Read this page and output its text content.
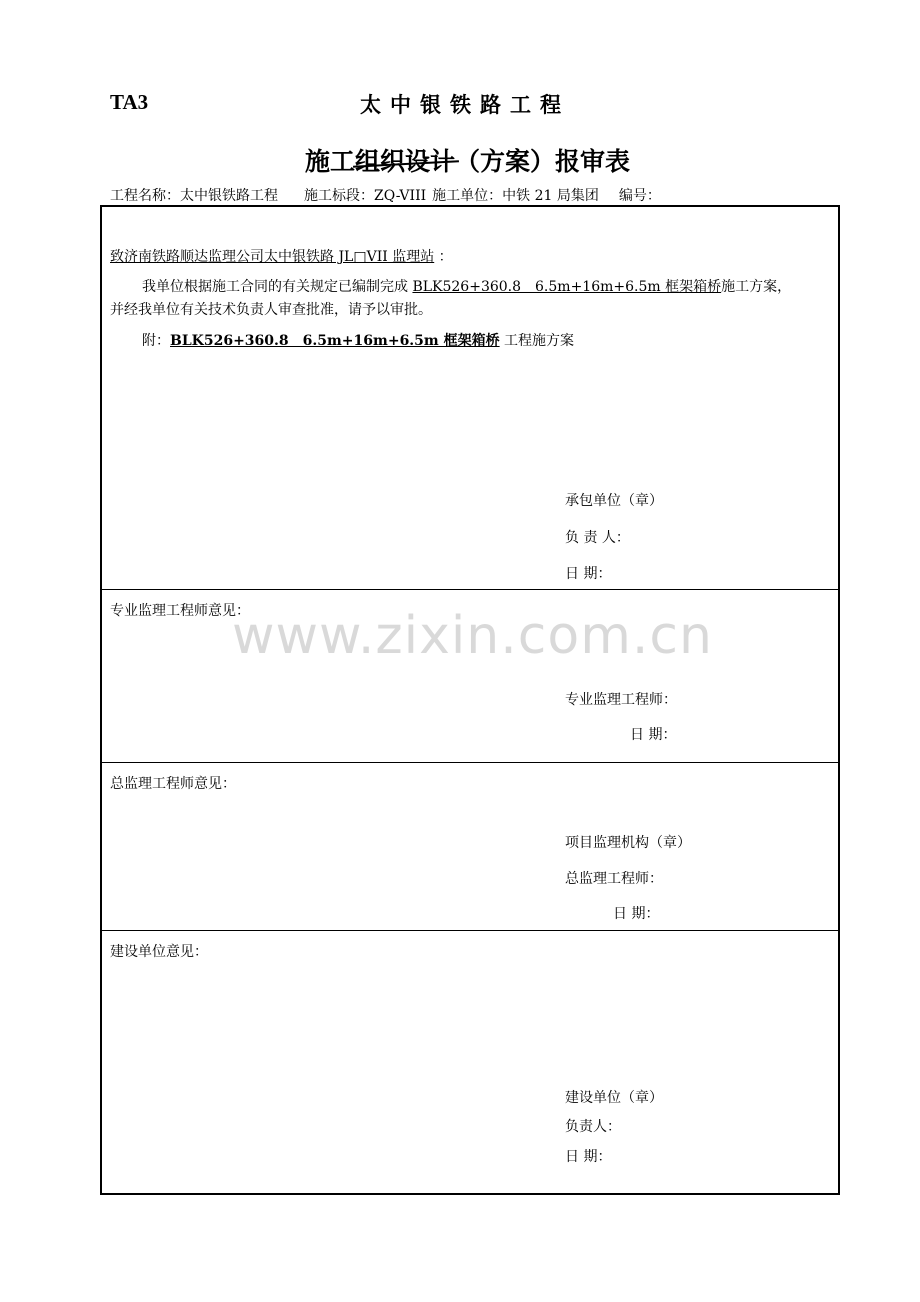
TA3	太中银铁路工程
施工组织设计（方案）报审表
工程名称：太中银铁路工程 施工标段：ZQ-VIII 施工单位：中铁 21 局集团 编号：
致济南铁路顺达监理公司太中银铁路 JL□VII 监理站 ：
我单位根据施工合同的有关规定已编制完成 BLK526+360.8　6.5m+16m+6.5m 框架箱桥施工方案，
并经我单位有关技术负责人审查批准，请予以审批。
附：BLK526+360.8　6.5m+16m+6.5m 框架箱桥 工程施方案
承包单位（章）
负 责 人：
日 期：
专业监理工程师意见：
专业监理工程师：
日 期：
总监理工程师意见：
项目监理机构（章）
总监理工程师：
日 期：
建设单位意见：
建设单位（章）
负责人：
日 期：
www.zixin.com.cn
